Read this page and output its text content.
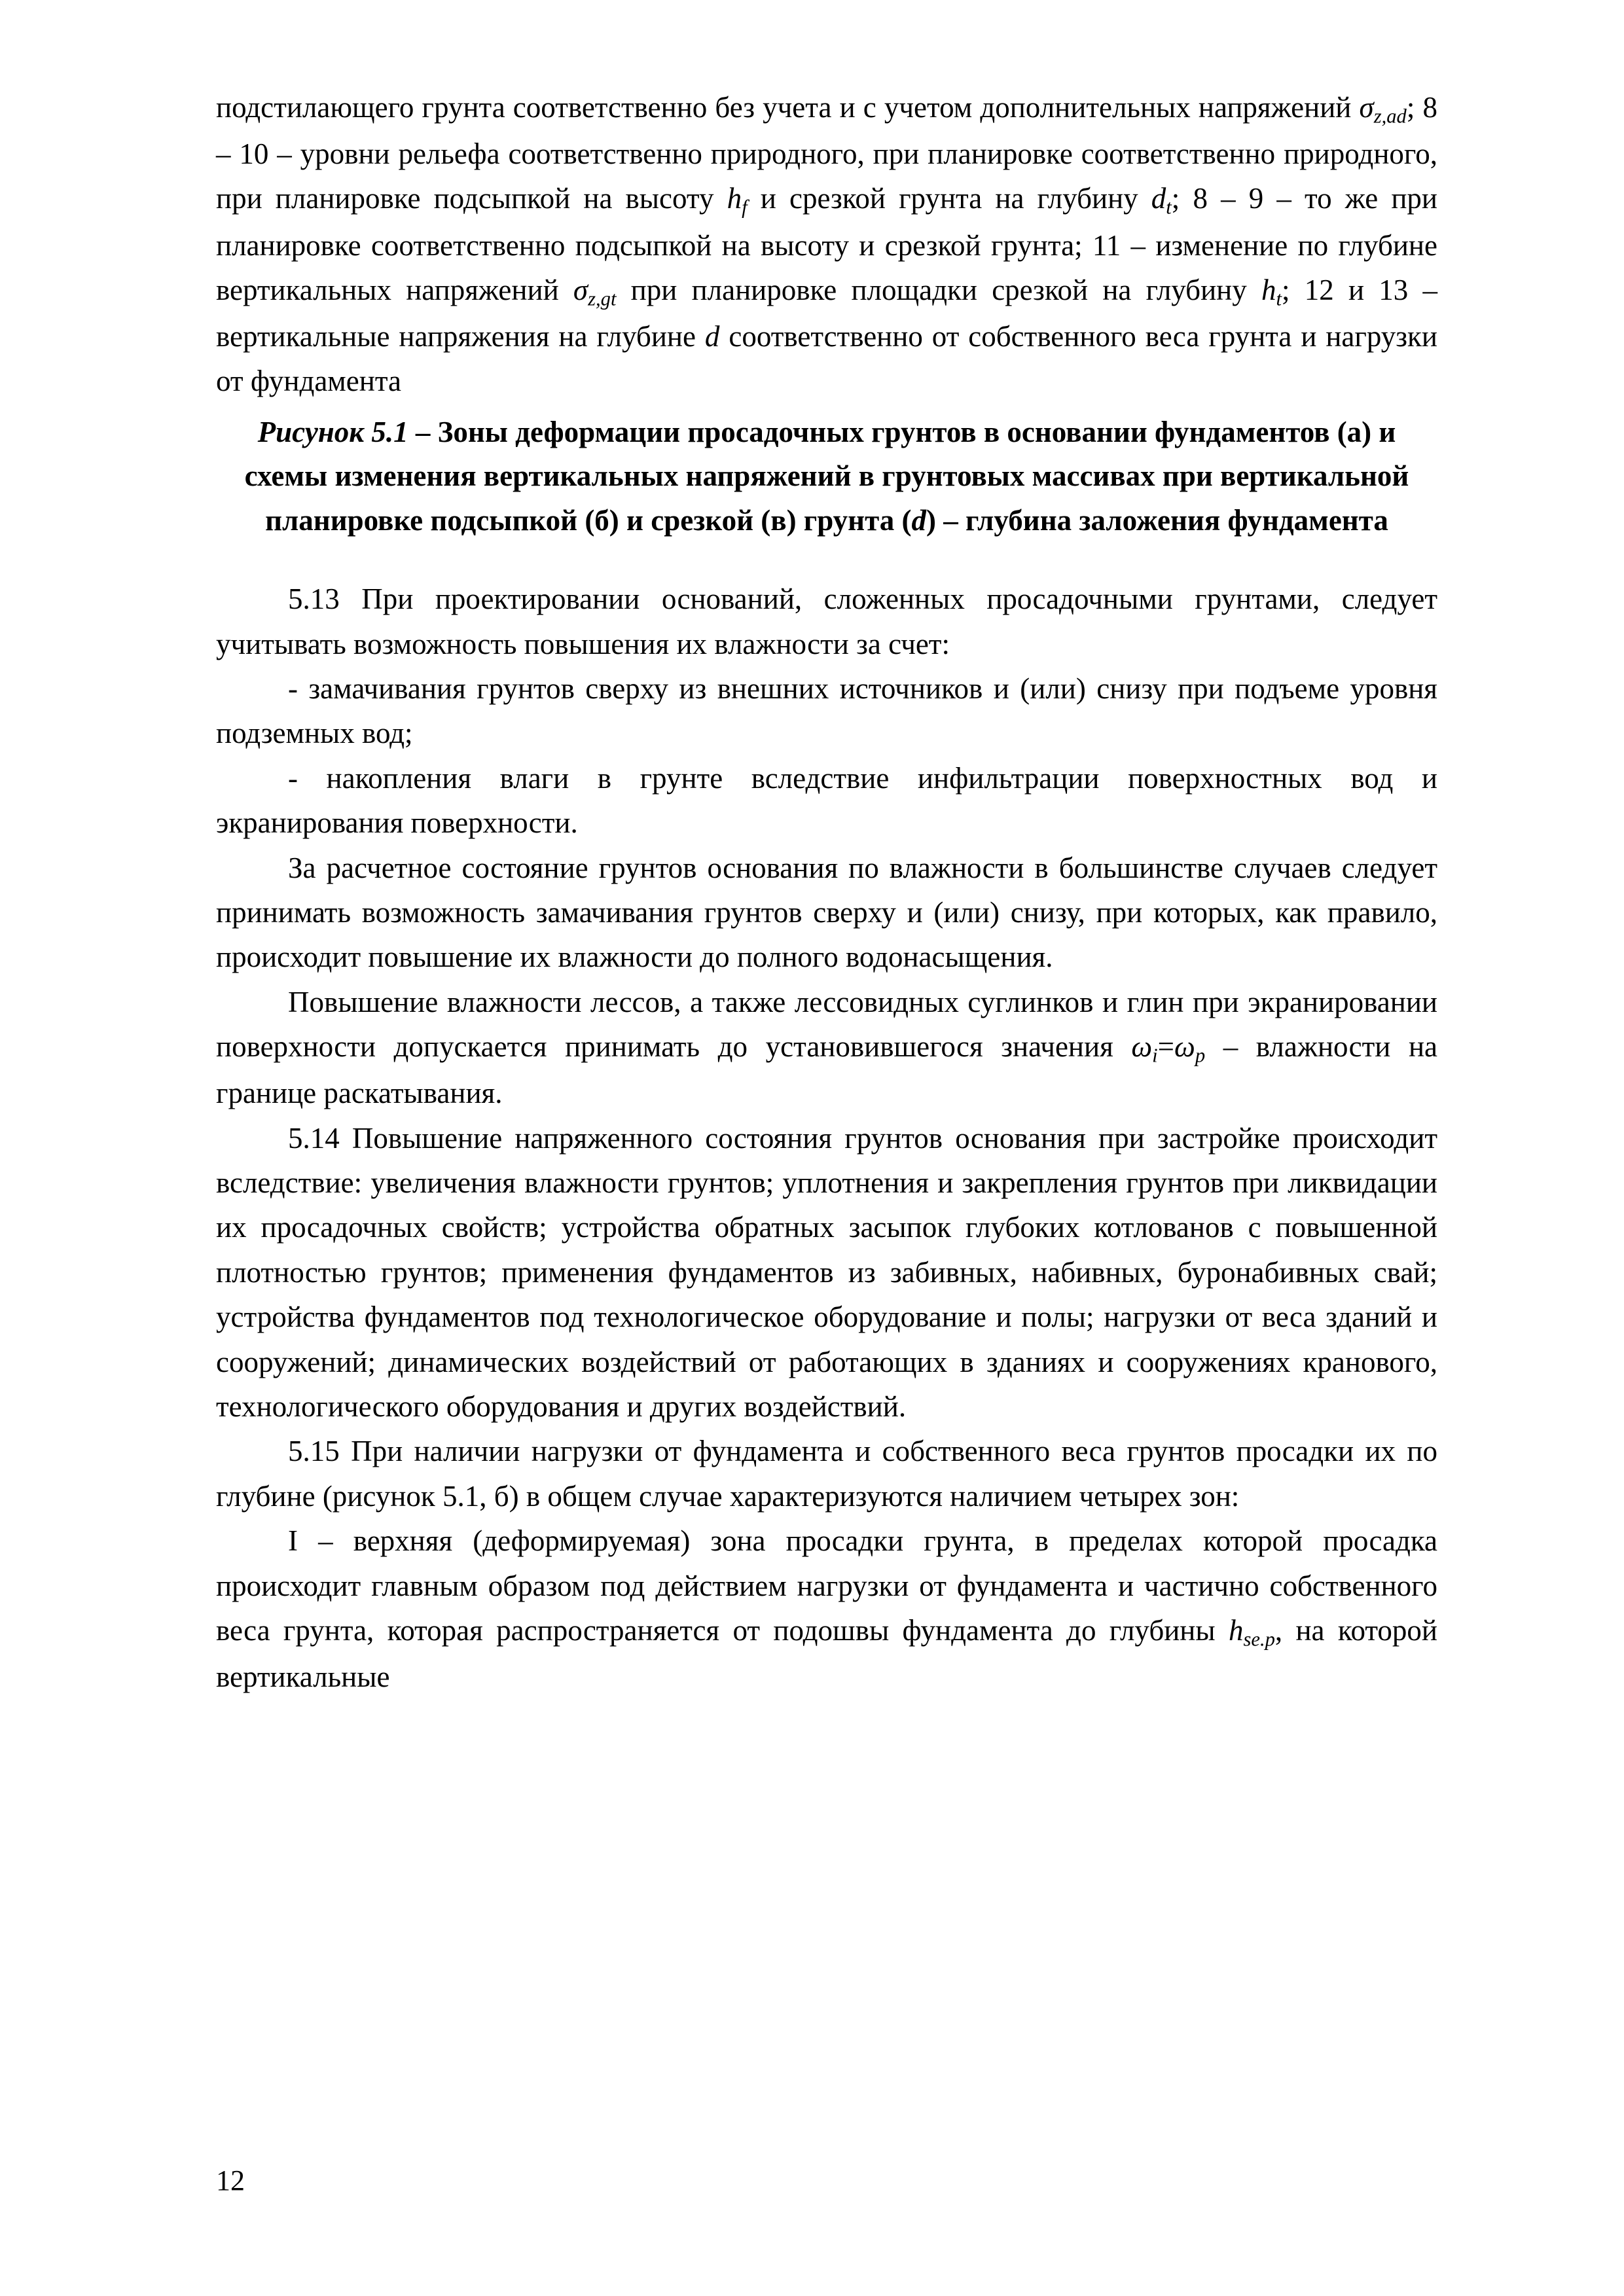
подстилающего грунта соответственно без учета и с учетом дополнительных напряжений $\sigma_{z,ad}$; 8 – 10 – уровни рельефа соответственно природного, при планировке соответственно природного, при планировке подсыпкой на высоту $h_f$ и срезкой грунта на глубину $d_t$; 8 – 9 – то же при планировке соответственно подсыпкой на высоту и срезкой грунта; 11 – изменение по глубине вертикальных напряжений $\sigma_{z,gt}$ при планировке площадки срезкой на глубину $h_t$; 12 и 13 – вертикальные напряжения на глубине d соответственно от собственного веса грунта и нагрузки от фундамента

Рисунок 5.1 – Зоны деформации просадочных грунтов в основании фундаментов (а) и схемы изменения вертикальных напряжений в грунтовых массивах при вертикальной планировке подсыпкой (б) и срезкой (в) грунта (d) – глубина заложения фундамента

5.13 При проектировании оснований, сложенных просадочными грунтами, следует учитывать возможность повышения их влажности за счет:

- замачивания грунтов сверху из внешних источников и (или) снизу при подъеме уровня подземных вод;

- накопления влаги в грунте вследствие инфильтрации поверхностных вод и экранирования поверхности.

За расчетное состояние грунтов основания по влажности в большинстве случаев следует принимать возможность замачивания грунтов сверху и (или) снизу, при которых, как правило, происходит повышение их влажности до полного водонасыщения.

Повышение влажности лессов, а также лессовидных суглинков и глин при экранировании поверхности допускается принимать до установившегося значения $\omega_i=\omega_p$ – влажности на границе раскатывания.

5.14 Повышение напряженного состояния грунтов основания при застройке происходит вследствие: увеличения влажности грунтов; уплотнения и закрепления грунтов при ликвидации их просадочных свойств; устройства обратных засыпок глубоких котлованов с повышенной плотностью грунтов; применения фундаментов из забивных, набивных, буронабивных свай; устройства фундаментов под технологическое оборудование и полы; нагрузки от веса зданий и сооружений; динамических воздействий от работающих в зданиях и сооружениях кранового, технологического оборудования и других воздействий.

5.15 При наличии нагрузки от фундамента и собственного веса грунтов просадки их по глубине (рисунок 5.1, б) в общем случае характеризуются наличием четырех зон:

I – верхняя (деформируемая) зона просадки грунта, в пределах которой просадка происходит главным образом под действием нагрузки от фундамента и частично собственного веса грунта, которая распространяется от подошвы фундамента до глубины $h_{se.p}$, на которой вертикальные

12
